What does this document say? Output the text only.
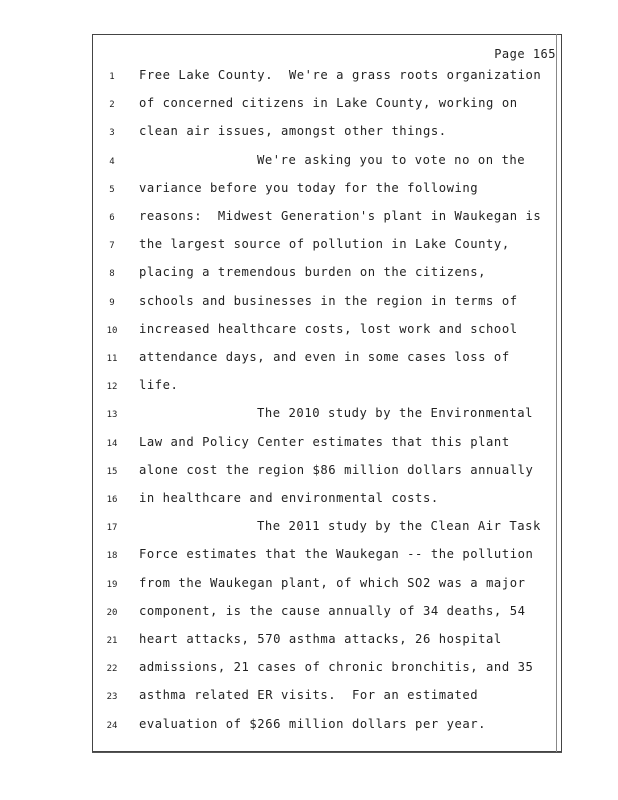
Page 165
1	Free Lake County.  We're a grass roots organization
2	of concerned citizens in Lake County, working on
3	clean air issues, amongst other things.
4	We're asking you to vote no on the
5	variance before you today for the following
6	reasons:  Midwest Generation's plant in Waukegan is
7	the largest source of pollution in Lake County,
8	placing a tremendous burden on the citizens,
9	schools and businesses in the region in terms of
10	increased healthcare costs, lost work and school
11	attendance days, and even in some cases loss of
12	life.
13	The 2010 study by the Environmental
14	Law and Policy Center estimates that this plant
15	alone cost the region $86 million dollars annually
16	in healthcare and environmental costs.
17	The 2011 study by the Clean Air Task
18	Force estimates that the Waukegan -- the pollution
19	from the Waukegan plant, of which SO2 was a major
20	component, is the cause annually of 34 deaths, 54
21	heart attacks, 570 asthma attacks, 26 hospital
22	admissions, 21 cases of chronic bronchitis, and 35
23	asthma related ER visits.  For an estimated
24	evaluation of $266 million dollars per year.
